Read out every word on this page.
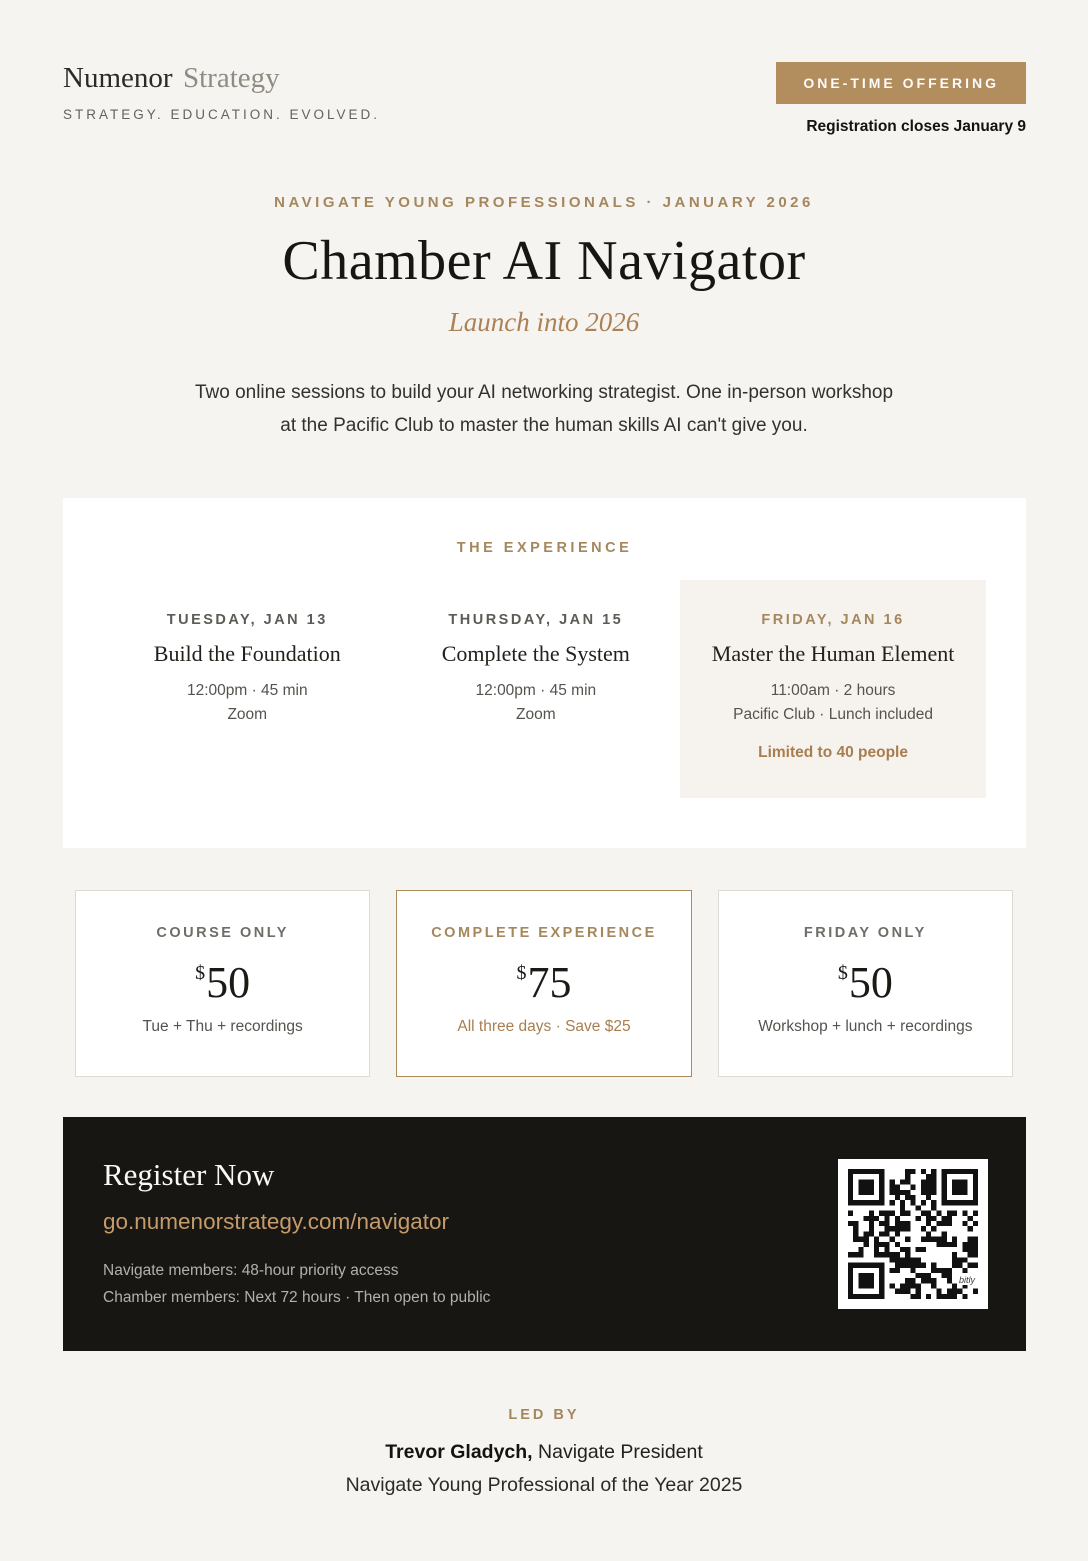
Numenor Strategy
STRATEGY. EDUCATION. EVOLVED.
ONE-TIME OFFERING
Registration closes January 9
NAVIGATE YOUNG PROFESSIONALS · JANUARY 2026
Chamber AI Navigator
Launch into 2026
Two online sessions to build your AI networking strategist. One in-person workshop at the Pacific Club to master the human skills AI can't give you.
THE EXPERIENCE
TUESDAY, JAN 13
Build the Foundation
12:00pm · 45 min
Zoom
THURSDAY, JAN 15
Complete the System
12:00pm · 45 min
Zoom
FRIDAY, JAN 16
Master the Human Element
11:00am · 2 hours
Pacific Club · Lunch included
Limited to 40 people
COURSE ONLY
$50
Tue + Thu + recordings
COMPLETE EXPERIENCE
$75
All three days · Save $25
FRIDAY ONLY
$50
Workshop + lunch + recordings
Register Now
go.numenorstrategy.com/navigator
Navigate members: 48-hour priority access
Chamber members: Next 72 hours · Then open to public
bitly
LED BY
Trevor Gladych, Navigate President
Navigate Young Professional of the Year 2025
